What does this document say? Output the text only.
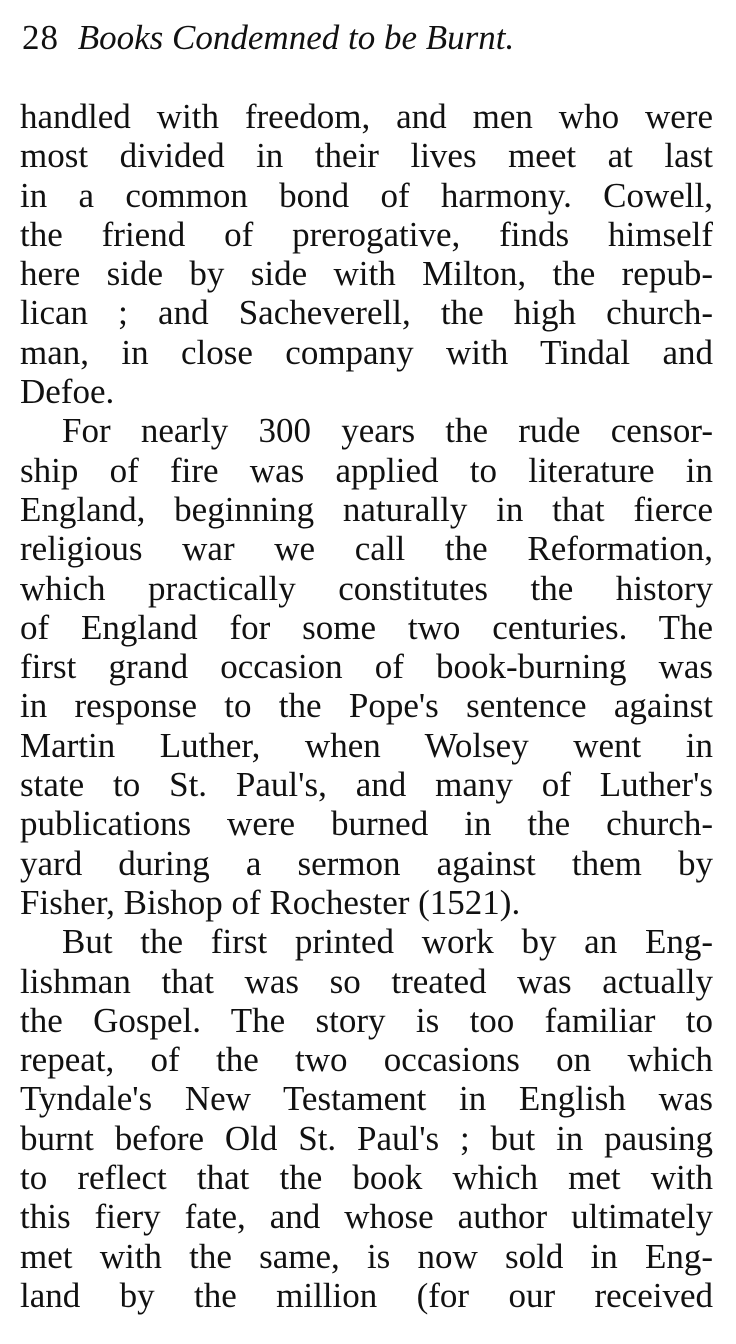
28 Books Condemned to be Burnt.
handled with freedom, and men who were
most divided in their lives meet at last
in a common bond of harmony. Cowell,
the friend of prerogative, finds himself
here side by side with Milton, the repub-
lican ; and Sacheverell, the high church-
man, in close company with Tindal and
Defoe.
For nearly 300 years the rude censor-
ship of fire was applied to literature in
England, beginning naturally in that fierce
religious war we call the Reformation,
which practically constitutes the history
of England for some two centuries. The
first grand occasion of book-burning was
in response to the Pope's sentence against
Martin Luther, when Wolsey went in
state to St. Paul's, and many of Luther's
publications were burned in the church-
yard during a sermon against them by
Fisher, Bishop of Rochester (1521).
But the first printed work by an Eng-
lishman that was so treated was actually
the Gospel. The story is too familiar to
repeat, of the two occasions on which
Tyndale's New Testament in English was
burnt before Old St. Paul's ; but in pausing
to reflect that the book which met with
this fiery fate, and whose author ultimately
met with the same, is now sold in Eng-
land by the million (for our received
